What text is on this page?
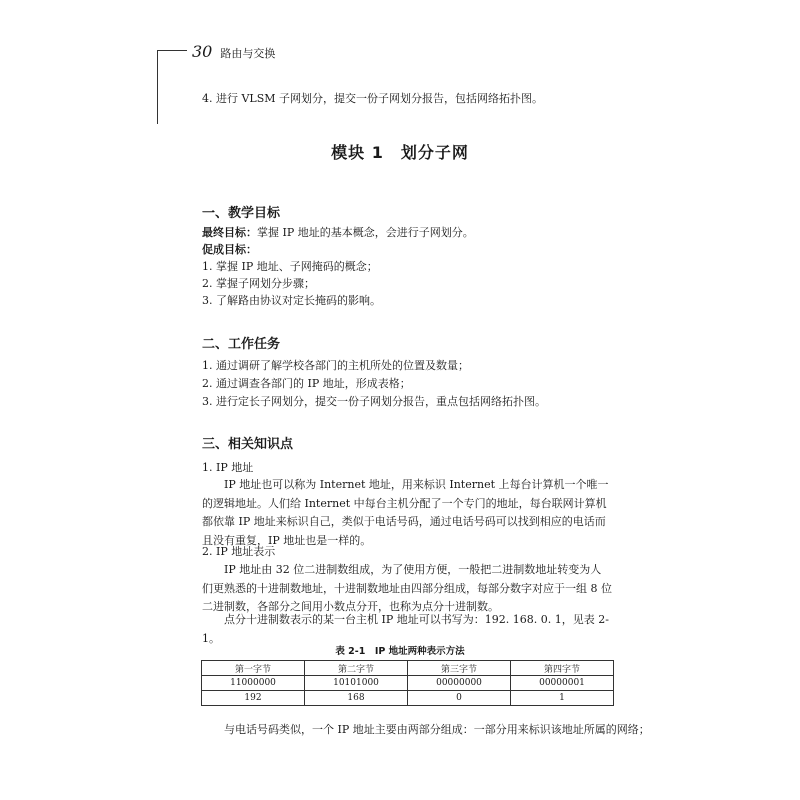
30 路由与交换
4. 进行 VLSM 子网划分，提交一份子网划分报告，包括网络拓扑图。
模块 1　划分子网
一、教学目标
最终目标：掌握 IP 地址的基本概念，会进行子网划分。
促成目标：
1. 掌握 IP 地址、子网掩码的概念；
2. 掌握子网划分步骤；
3. 了解路由协议对定长掩码的影响。
二、工作任务
1. 通过调研了解学校各部门的主机所处的位置及数量；
2. 通过调查各部门的 IP 地址，形成表格；
3. 进行定长子网划分，提交一份子网划分报告，重点包括网络拓扑图。
三、相关知识点
1. IP 地址
IP 地址也可以称为 Internet 地址，用来标识 Internet 上每台计算机一个唯一的逻辑地址。人们给 Internet 中每台主机分配了一个专门的地址，每台联网计算机都依靠 IP 地址来标识自己，类似于电话号码，通过电话号码可以找到相应的电话而且没有重复，IP 地址也是一样的。
2. IP 地址表示
IP 地址由 32 位二进制数组成，为了使用方便，一般把二进制数地址转变为人们更熟悉的十进制数地址，十进制数地址由四部分组成，每部分数字对应于一组 8 位二进制数，各部分之间用小数点分开，也称为点分十进制数。
点分十进制数表示的某一台主机 IP 地址可以书写为：192. 168. 0. 1，见表 2-1。
表 2-1　IP 地址两种表示方法
第一字节	第二字节	第三字节	第四字节
11000000	10101000	00000000	00000001
192	168	0	1
与电话号码类似，一个 IP 地址主要由两部分组成：一部分用来标识该地址所属的网络；
